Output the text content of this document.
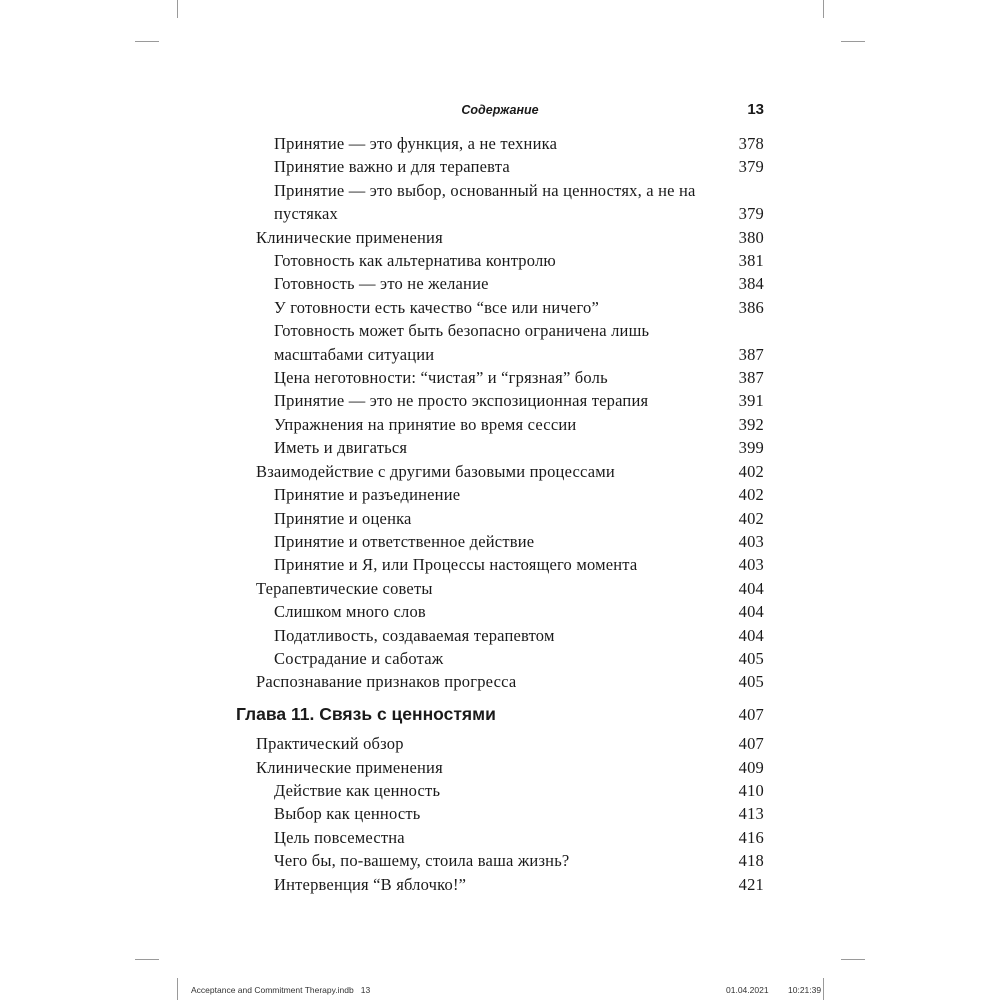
Содержание	13
Принятие — это функция, а не техника	378
Принятие важно и для терапевта	379
Принятие — это выбор, основанный на ценностях, а не на пустяках	379
Клинические применения	380
Готовность как альтернатива контролю	381
Готовность — это не желание	384
У готовности есть качество “все или ничего”	386
Готовность может быть безопасно ограничена лишь масштабами ситуации	387
Цена неготовности: “чистая” и “грязная” боль	387
Принятие — это не просто экспозиционная терапия	391
Упражнения на принятие во время сессии	392
Иметь и двигаться	399
Взаимодействие с другими базовыми процессами	402
Принятие и разъединение	402
Принятие и оценка	402
Принятие и ответственное действие	403
Принятие и Я, или Процессы настоящего момента	403
Терапевтические советы	404
Слишком много слов	404
Податливость, создаваемая терапевтом	404
Сострадание и саботаж	405
Распознавание признаков прогресса	405
Глава 11. Связь с ценностями	407
Практический обзор	407
Клинические применения	409
Действие как ценность	410
Выбор как ценность	413
Цель повсеместна	416
Чего бы, по-вашему, стоила ваша жизнь?	418
Интервенция “В яблочко!”	421
Acceptance and Commitment Therapy.indb   13	01.04.2021 10:21:39
